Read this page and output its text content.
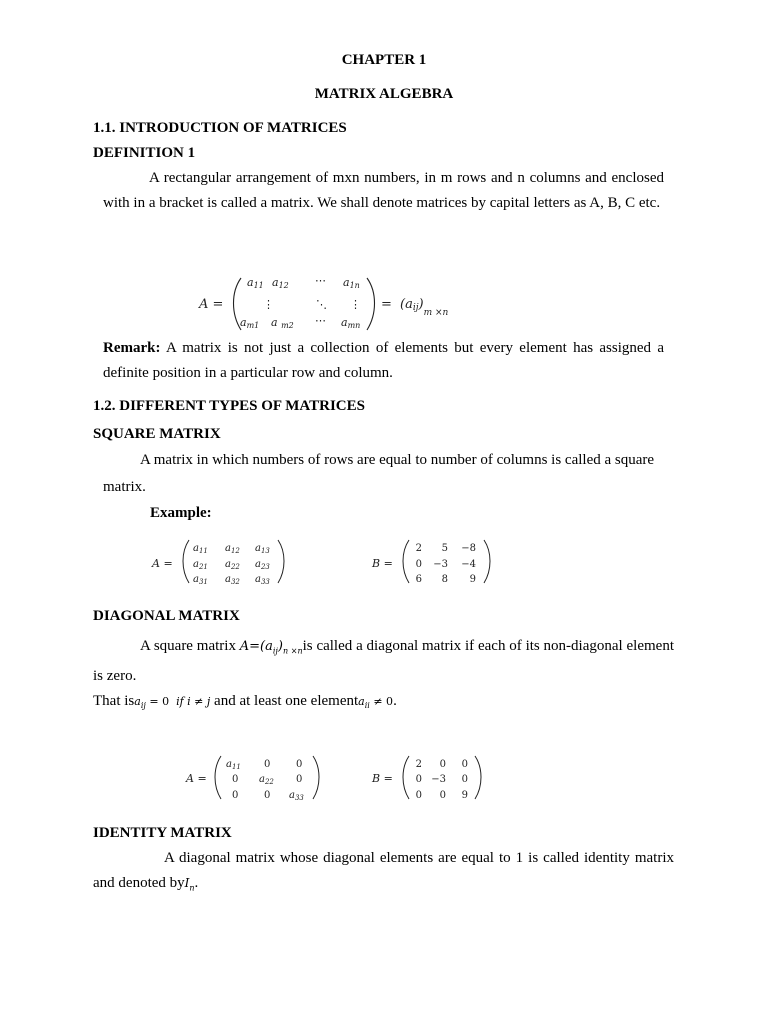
CHAPTER 1
MATRIX ALGEBRA
1.1. INTRODUCTION OF MATRICES
DEFINITION 1
A rectangular arrangement of mxn numbers, in m rows and n columns and enclosed with in a bracket is called a matrix. We shall denote matrices by capital letters as A, B, C etc.
A =
a11 a12 ⋯ a1n
⋮	⋱ ⋮
am1 a m2 ⋯ amn
= $(aij)_{m \times n}$
Remark: A matrix is not just a collection of elements but every element has assigned a definite position in a particular row and column.
1.2. DIFFERENT TYPES OF MATRICES
SQUARE MATRIX
A matrix in which numbers of rows are equal to number of columns is called a square matrix.
Example:
A =
$a_{11}$ $a_{12}$ $a_{13}$
$a_{21}$ $a_{22}$ $a_{23}$
$a_{31}$ $a_{32}$ $a_{33}$
B =
2 5 −8
0 −3 −4
6 8 9
DIAGONAL MATRIX
A square matrix $A=(a_{ij})_{n \times n}is$ called a diagonal matrix if each of its non-diagonal element is zero.
That isa$_{ij}$ = 0  if i ≠ j and at least one elementa$_{ii}$ ≠ 0.
A =
$a_{11}$ 0	0
0 $a_{22}$ 0
0	0 $a_{33}$
B =
2 0 0
0 −3 0
0 0 9
IDENTITY MATRIX
A diagonal matrix whose diagonal elements are equal to 1 is called identity matrix and denoted byI$_n$.
